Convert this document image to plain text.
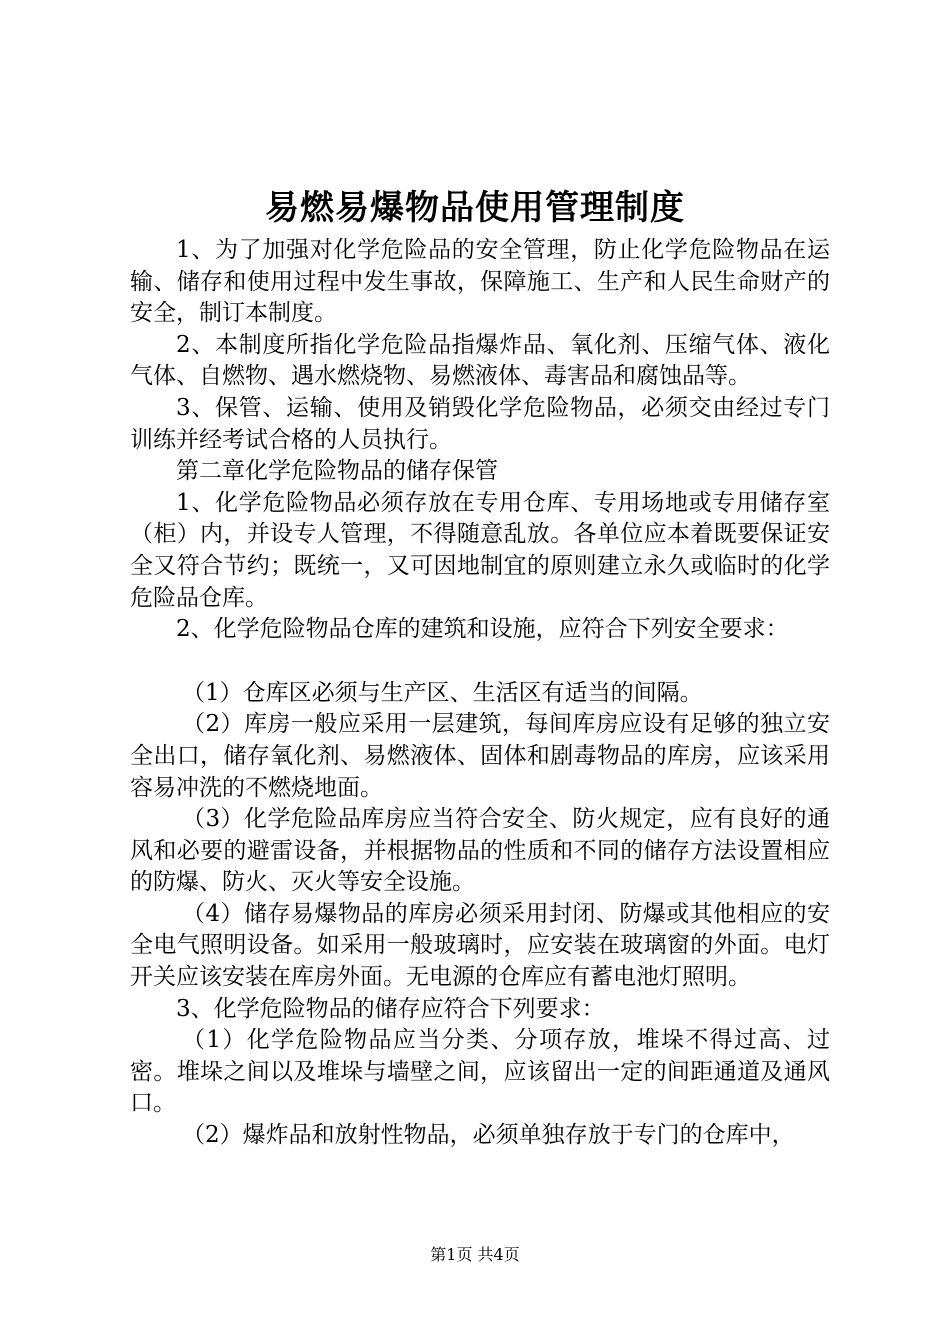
易燃易爆物品使用管理制度

1、为了加强对化学危险品的安全管理，防止化学危险物品在运输、储存和使用过程中发生事故，保障施工、生产和人民生命财产的安全，制订本制度。

2、本制度所指化学危险品指爆炸品、氧化剂、压缩气体、液化气体、自燃物、遇水燃烧物、易燃液体、毒害品和腐蚀品等。

3、保管、运输、使用及销毁化学危险物品，必须交由经过专门训练并经考试合格的人员执行。

第二章化学危险物品的储存保管

1、化学危险物品必须存放在专用仓库、专用场地或专用储存室（柜）内，并设专人管理，不得随意乱放。各单位应本着既要保证安全又符合节约；既统一，又可因地制宜的原则建立永久或临时的化学危险品仓库。

2、化学危险物品仓库的建筑和设施，应符合下列安全要求：

（1）仓库区必须与生产区、生活区有适当的间隔。

（2）库房一般应采用一层建筑，每间库房应设有足够的独立安全出口，储存氧化剂、易燃液体、固体和剧毒物品的库房，应该采用容易冲洗的不燃烧地面。

（3）化学危险品库房应当符合安全、防火规定，应有良好的通风和必要的避雷设备，并根据物品的性质和不同的储存方法设置相应的防爆、防火、灭火等安全设施。

（4）储存易爆物品的库房必须采用封闭、防爆或其他相应的安全电气照明设备。如采用一般玻璃时，应安装在玻璃窗的外面。电灯开关应该安装在库房外面。无电源的仓库应有蓄电池灯照明。

3、化学危险物品的储存应符合下列要求：

（1）化学危险物品应当分类、分项存放，堆垛不得过高、过密。堆垛之间以及堆垛与墙壁之间，应该留出一定的间距通道及通风口。

（2）爆炸品和放射性物品，必须单独存放于专门的仓库中，

第1页 共4页
